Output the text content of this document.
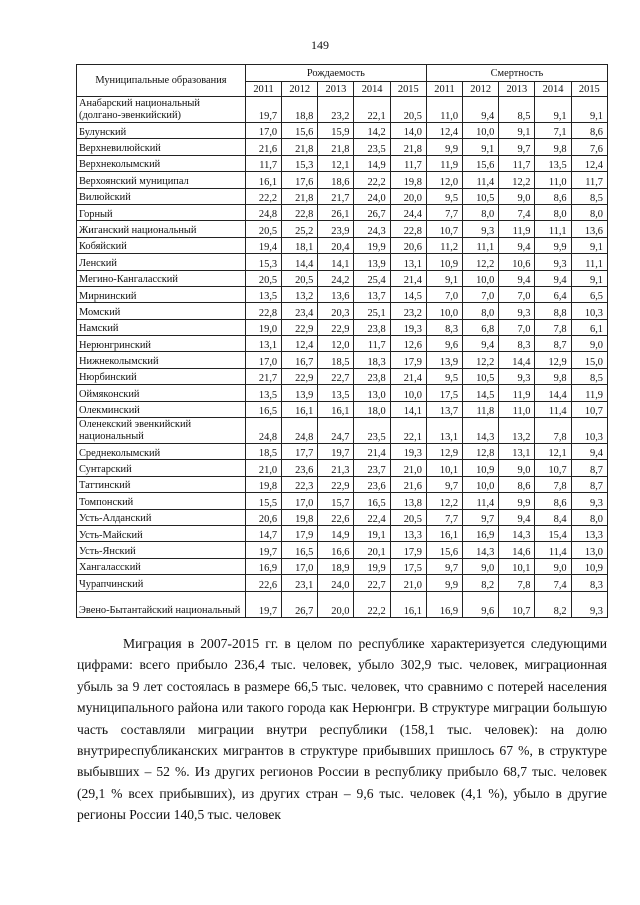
149
Муниципальные образования	Рождаемость					Смертность				
	2011	2012	2013	2014	2015	2011	2012	2013	2014	2015
Анабарский национальный (долгано-эвенкийский)	19,7	18,8	23,2	22,1	20,5	11,0	9,4	8,5	9,1	9,1
Булунский	17,0	15,6	15,9	14,2	14,0	12,4	10,0	9,1	7,1	8,6
Верхневилюйский	21,6	21,8	21,8	23,5	21,8	9,9	9,1	9,7	9,8	7,6
Верхнеколымский	11,7	15,3	12,1	14,9	11,7	11,9	15,6	11,7	13,5	12,4
Верхоянский муниципал	16,1	17,6	18,6	22,2	19,8	12,0	11,4	12,2	11,0	11,7
Вилюйский	22,2	21,8	21,7	24,0	20,0	9,5	10,5	9,0	8,6	8,5
Горный	24,8	22,8	26,1	26,7	24,4	7,7	8,0	7,4	8,0	8,0
Жиганский национальный	20,5	25,2	23,9	24,3	22,8	10,7	9,3	11,9	11,1	13,6
Кобяйский	19,4	18,1	20,4	19,9	20,6	11,2	11,1	9,4	9,9	9,1
Ленский	15,3	14,4	14,1	13,9	13,1	10,9	12,2	10,6	9,3	11,1
Мегино-Кангаласский	20,5	20,5	24,2	25,4	21,4	9,1	10,0	9,4	9,4	9,1
Мирнинский	13,5	13,2	13,6	13,7	14,5	7,0	7,0	7,0	6,4	6,5
Момский	22,8	23,4	20,3	25,1	23,2	10,0	8,0	9,3	8,8	10,3
Намский	19,0	22,9	22,9	23,8	19,3	8,3	6,8	7,0	7,8	6,1
Нерюнгринский	13,1	12,4	12,0	11,7	12,6	9,6	9,4	8,3	8,7	9,0
Нижнеколымский	17,0	16,7	18,5	18,3	17,9	13,9	12,2	14,4	12,9	15,0
Нюрбинский	21,7	22,9	22,7	23,8	21,4	9,5	10,5	9,3	9,8	8,5
Оймяконский	13,5	13,9	13,5	13,0	10,0	17,5	14,5	11,9	14,4	11,9
Олекминский	16,5	16,1	16,1	18,0	14,1	13,7	11,8	11,0	11,4	10,7
Оленекский эвенкийский национальный	24,8	24,8	24,7	23,5	22,1	13,1	14,3	13,2	7,8	10,3
Среднеколымский	18,5	17,7	19,7	21,4	19,3	12,9	12,8	13,1	12,1	9,4
Сунтарский	21,0	23,6	21,3	23,7	21,0	10,1	10,9	9,0	10,7	8,7
Таттинский	19,8	22,3	22,9	23,6	21,6	9,7	10,0	8,6	7,8	8,7
Томпонский	15,5	17,0	15,7	16,5	13,8	12,2	11,4	9,9	8,6	9,3
Усть-Алданский	20,6	19,8	22,6	22,4	20,5	7,7	9,7	9,4	8,4	8,0
Усть-Майский	14,7	17,9	14,9	19,1	13,3	16,1	16,9	14,3	15,4	13,3
Усть-Янский	19,7	16,5	16,6	20,1	17,9	15,6	14,3	14,6	11,4	13,0
Хангаласский	16,9	17,0	18,9	19,9	17,5	9,7	9,0	10,1	9,0	10,9
Чурапчинский	22,6	23,1	24,0	22,7	21,0	9,9	8,2	7,8	7,4	8,3
Эвено-Бытантайский национальный	19,7	26,7	20,0	22,2	16,1	16,9	9,6	10,7	8,2	9,3

Миграция в 2007-2015 гг. в целом по республике характеризуется следующими цифрами: всего прибыло 236,4 тыс. человек, убыло 302,9 тыс. человек, миграционная убыль за 9 лет состоялась в размере 66,5 тыс. человек, что сравнимо с потерей населения муниципального района или такого города как Нерюнгри. В структуре миграции большую часть составляли миграции внутри республики (158,1 тыс. человек): на долю внутриреспубликанских мигрантов в структуре прибывших пришлось 67 %, в структуре выбывших – 52 %. Из других регионов России в республику прибыло 68,7 тыс. человек (29,1 % всех прибывших), из других стран – 9,6 тыс. человек (4,1 %), убыло в другие регионы России 140,5 тыс. человек
